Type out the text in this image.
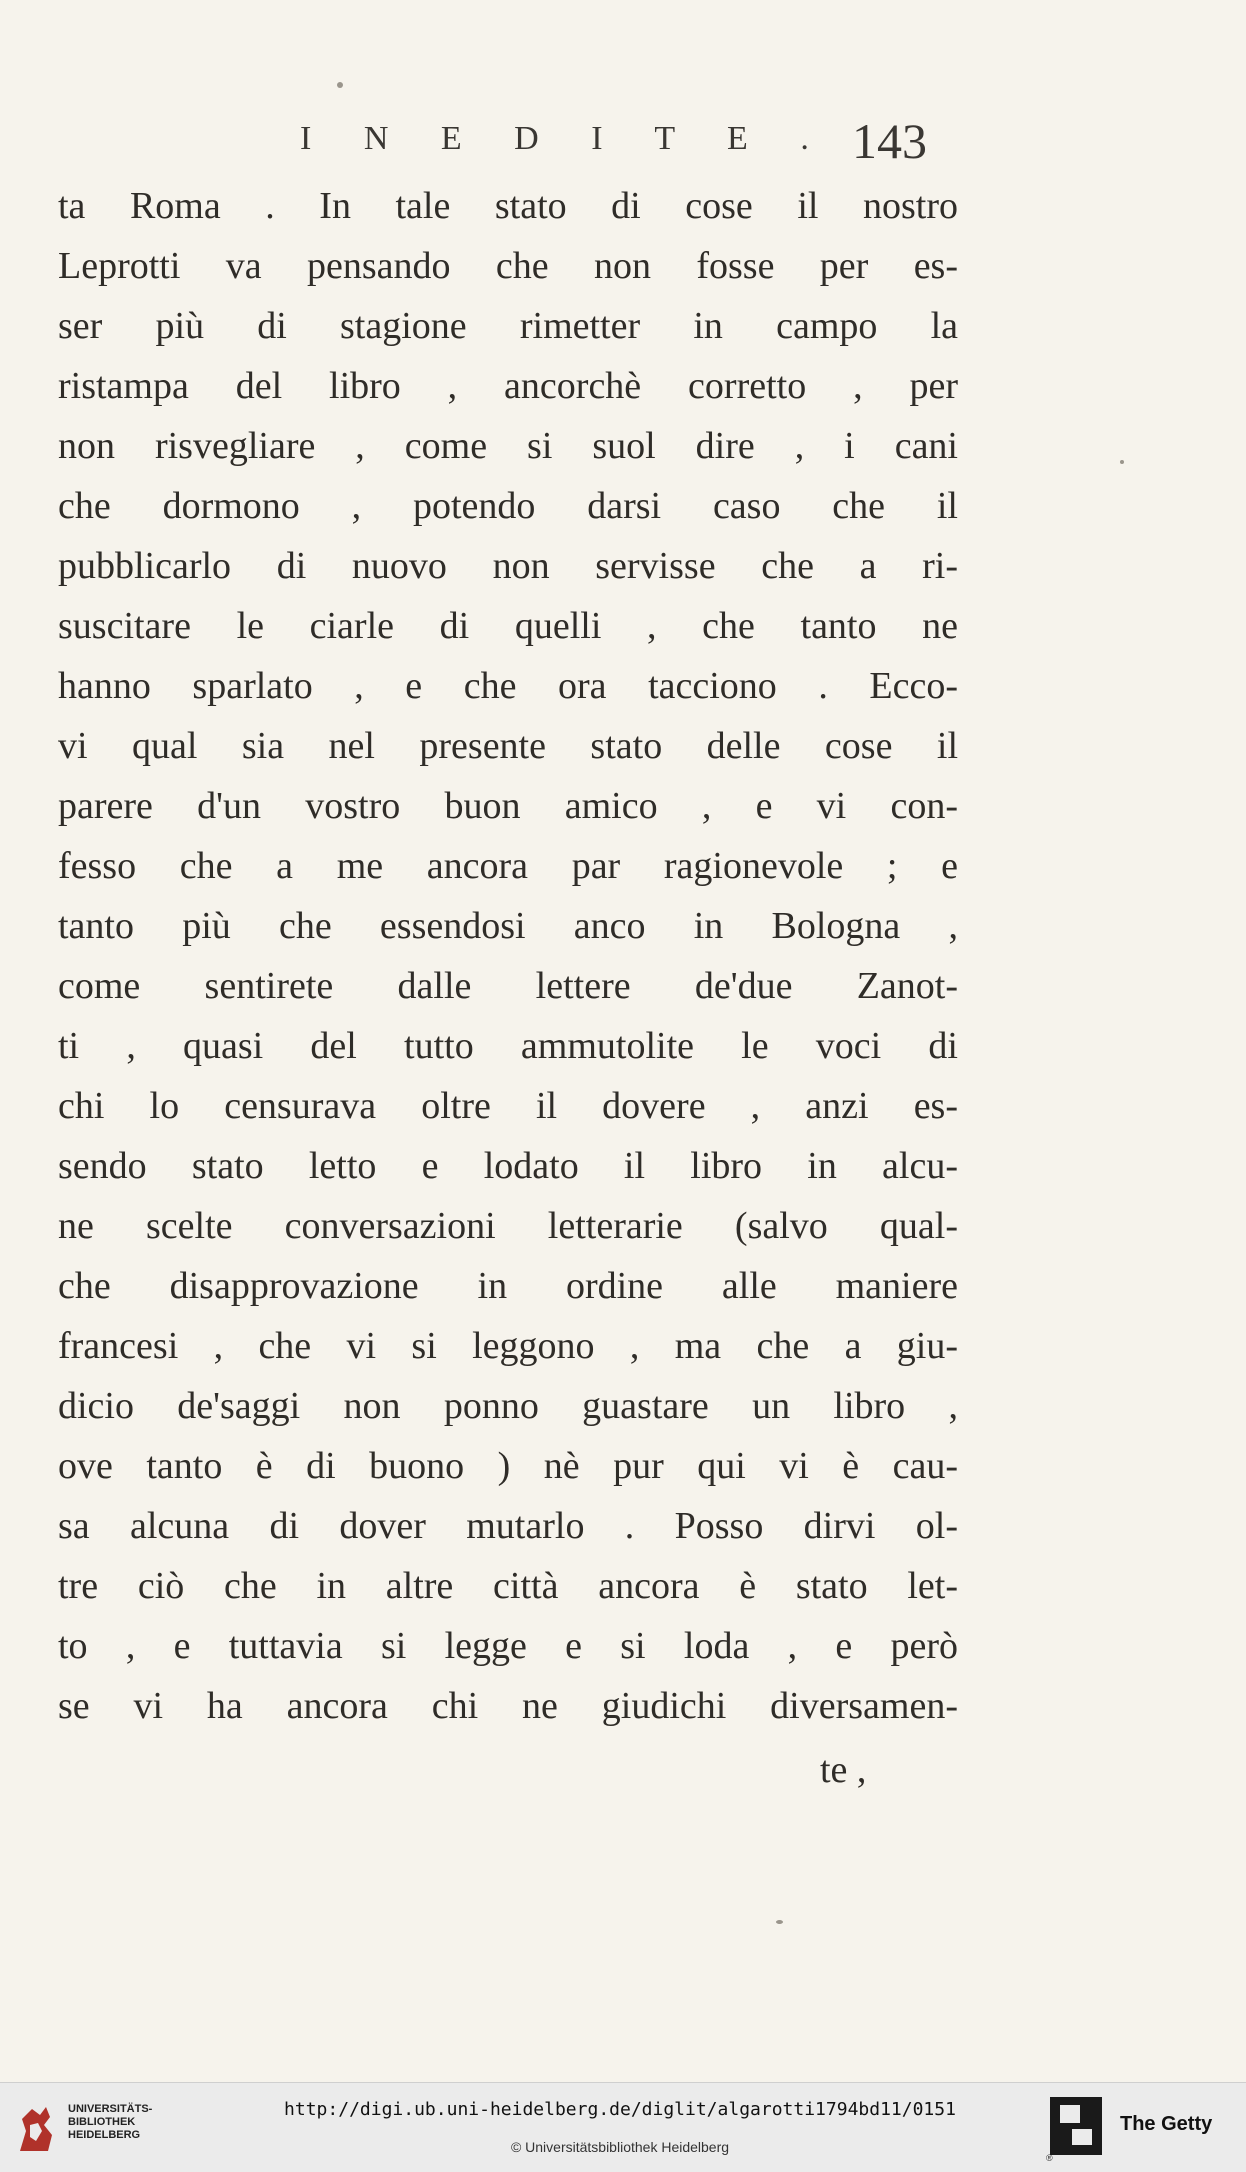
I N E D I T E . 143
ta Roma . In tale stato di cose il nostro
Leprotti va pensando che non fosse per es-
ser più di stagione rimetter in campo la
ristampa del libro , ancorchè corretto , per
non risvegliare , come si suol dire , i cani
che dormono , potendo darsi caso che il
pubblicarlo di nuovo non servisse che a ri-
suscitare le ciarle di quelli , che tanto ne
hanno sparlato , e che ora tacciono . Ecco-
vi qual sia nel presente stato delle cose il
parere d'un vostro buon amico , e vi con-
fesso che a me ancora par ragionevole ; e
tanto più che essendosi anco in Bologna ,
come sentirete dalle lettere de'due Zanot-
ti , quasi del tutto ammutolite le voci di
chi lo censurava oltre il dovere , anzi es-
sendo stato letto e lodato il libro in alcu-
ne scelte conversazioni letterarie (salvo qual-
che disapprovazione in ordine alle maniere
francesi , che vi si leggono , ma che a giu-
dicio de'saggi non ponno guastare un libro ,
ove tanto è di buono ) nè pur qui vi è cau-
sa alcuna di dover mutarlo . Posso dirvi ol-
tre ciò che in altre città ancora è stato let-
to , e tuttavia si legge e si loda , e però
se vi ha ancora chi ne giudichi diversamen-
te ,
UNIVERSITÄTS-
BIBLIOTHEK
HEIDELBERG
http://digi.ub.uni-heidelberg.de/diglit/algarotti1794bd11/0151
© Universitätsbibliothek Heidelberg
®
The Getty
